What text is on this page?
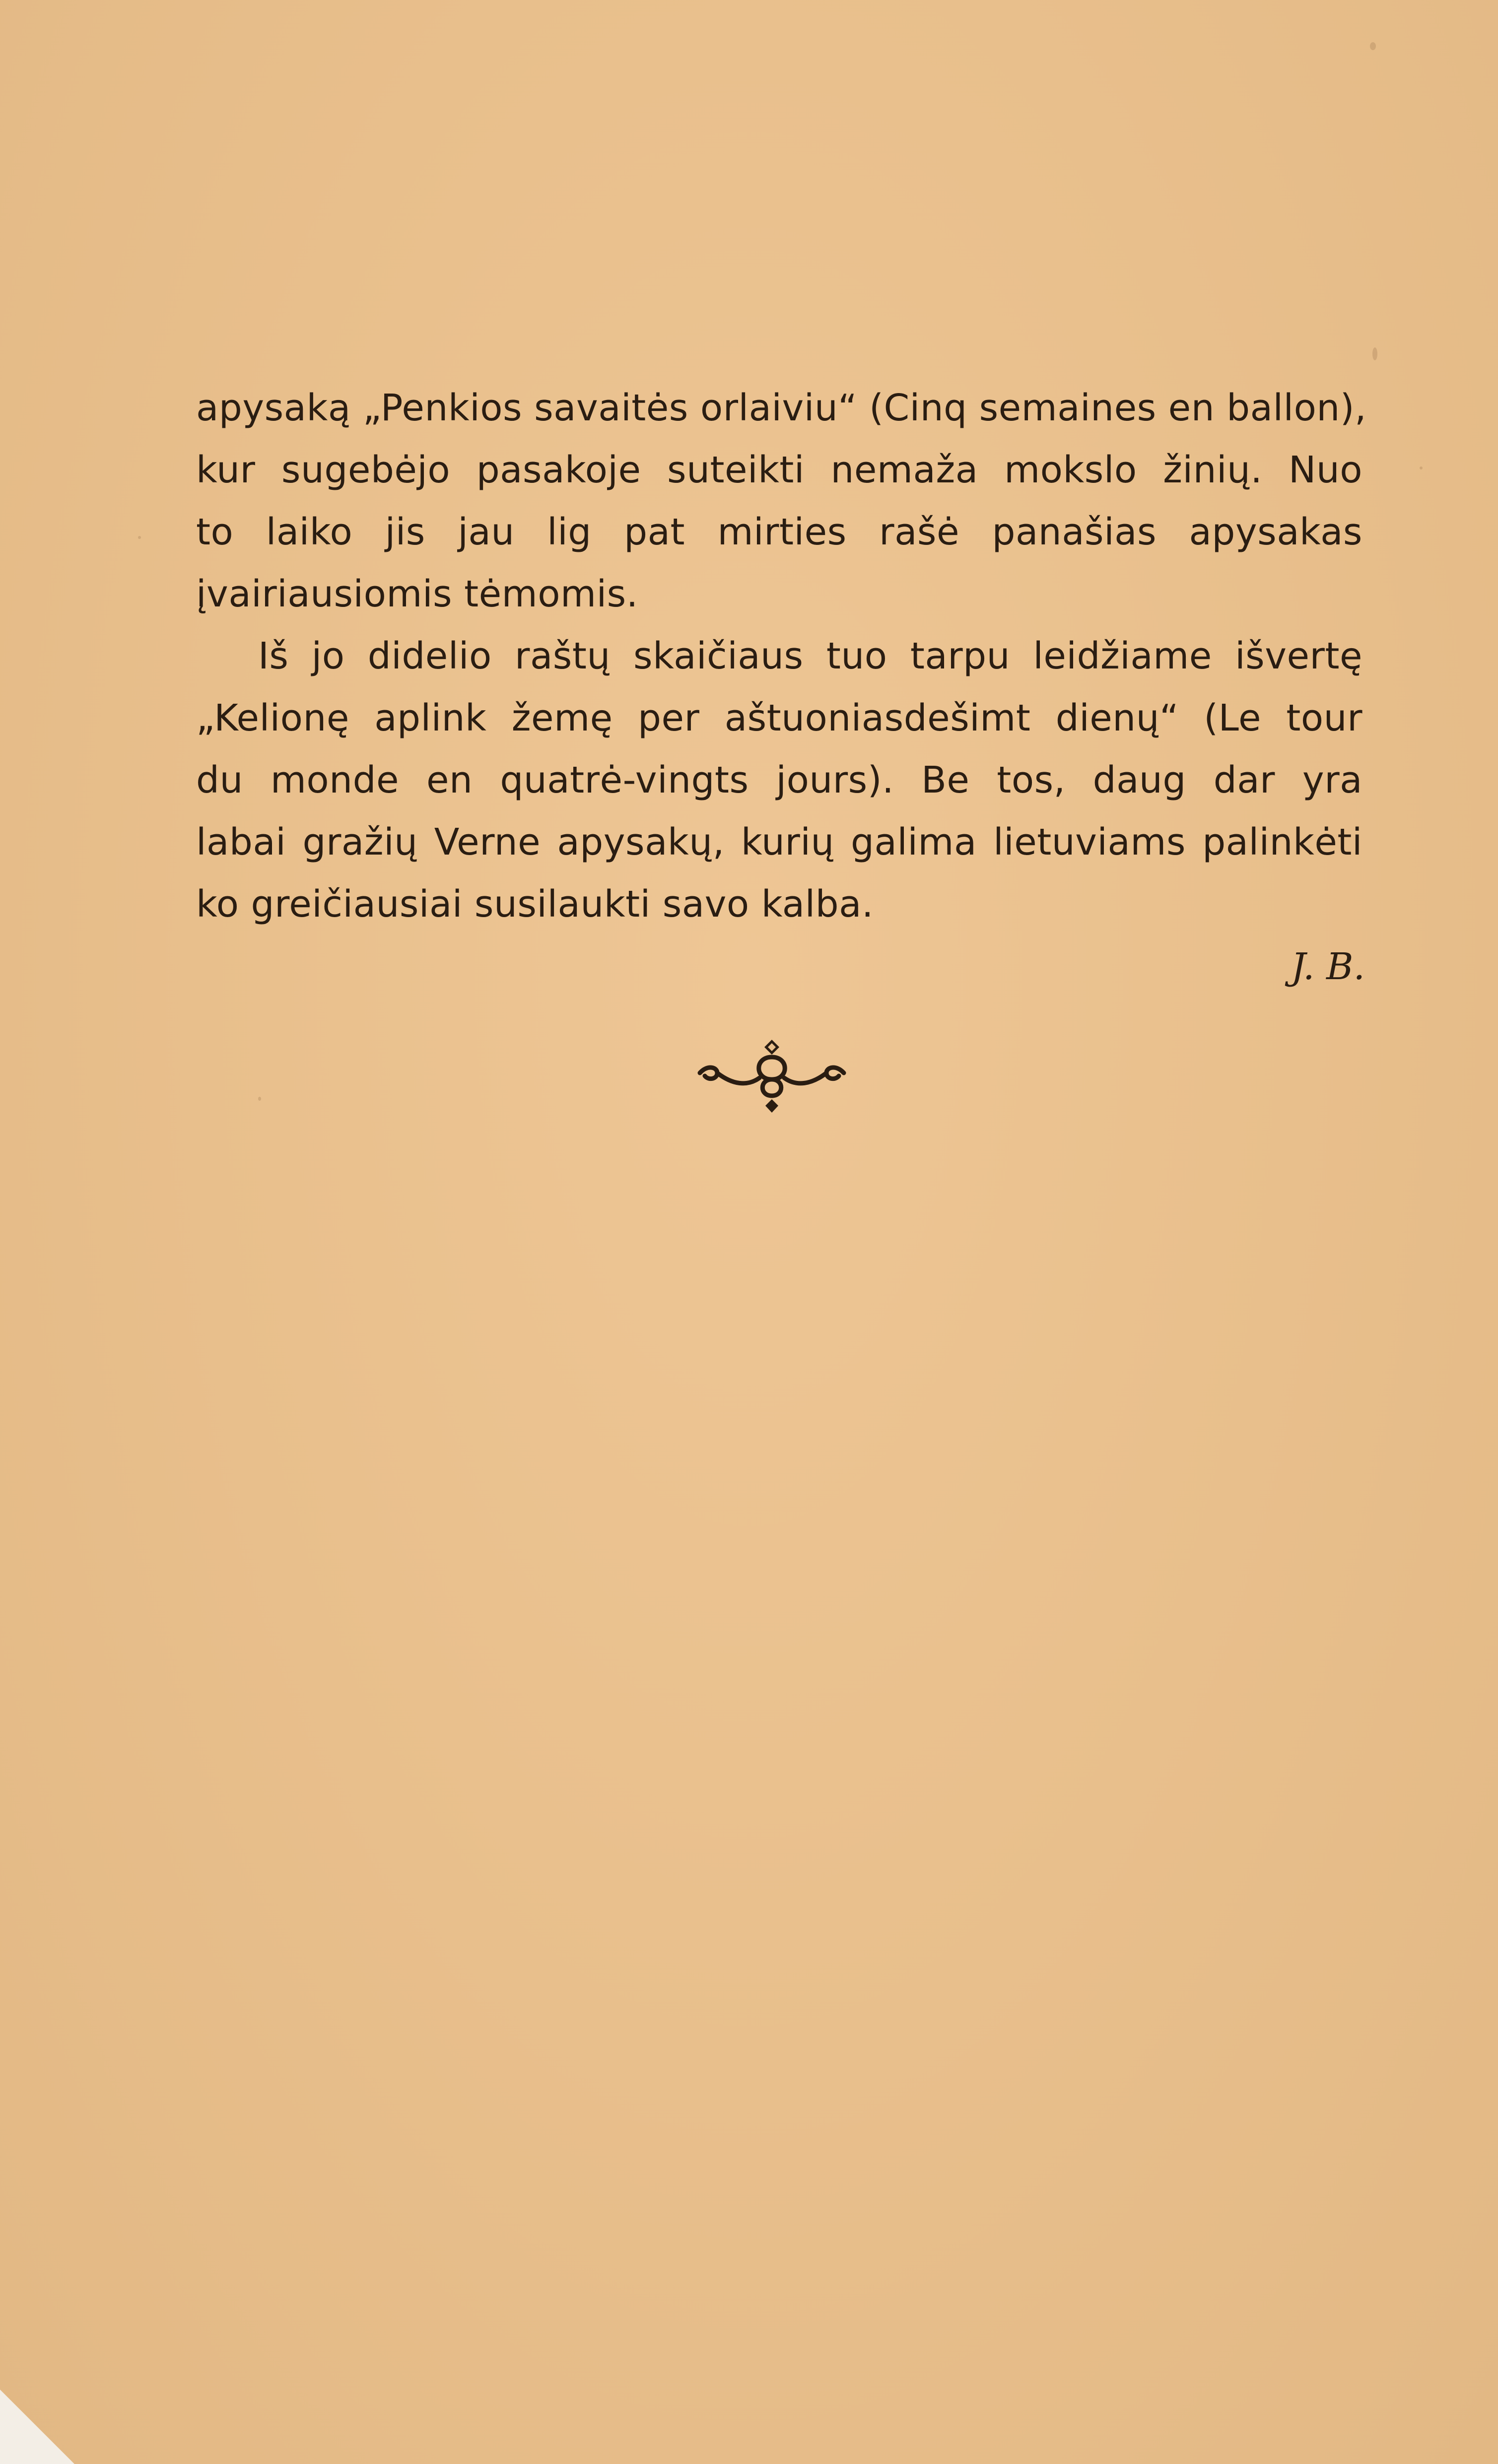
apysaką „Penkios savaitės orlaiviu“ (Cinq semaines en ballon),
kur sugebėjo pasakoje suteikti nemaža mokslo žinių. Nuo
to laiko jis jau lig pat mirties rašė panašias apysakas
įvairiausiomis tėmomis.
Iš jo didelio raštų skaičiaus tuo tarpu leidžiame išvertę
„Kelionę aplink žemę per aštuoniasdešimt dienų“ (Le tour
du monde en quatrė-vingts jours). Be tos, daug dar yra
labai gražių Verne apysakų, kurių galima lietuviams palinkėti
ko greičiausiai susilaukti savo kalba.
J. B.
